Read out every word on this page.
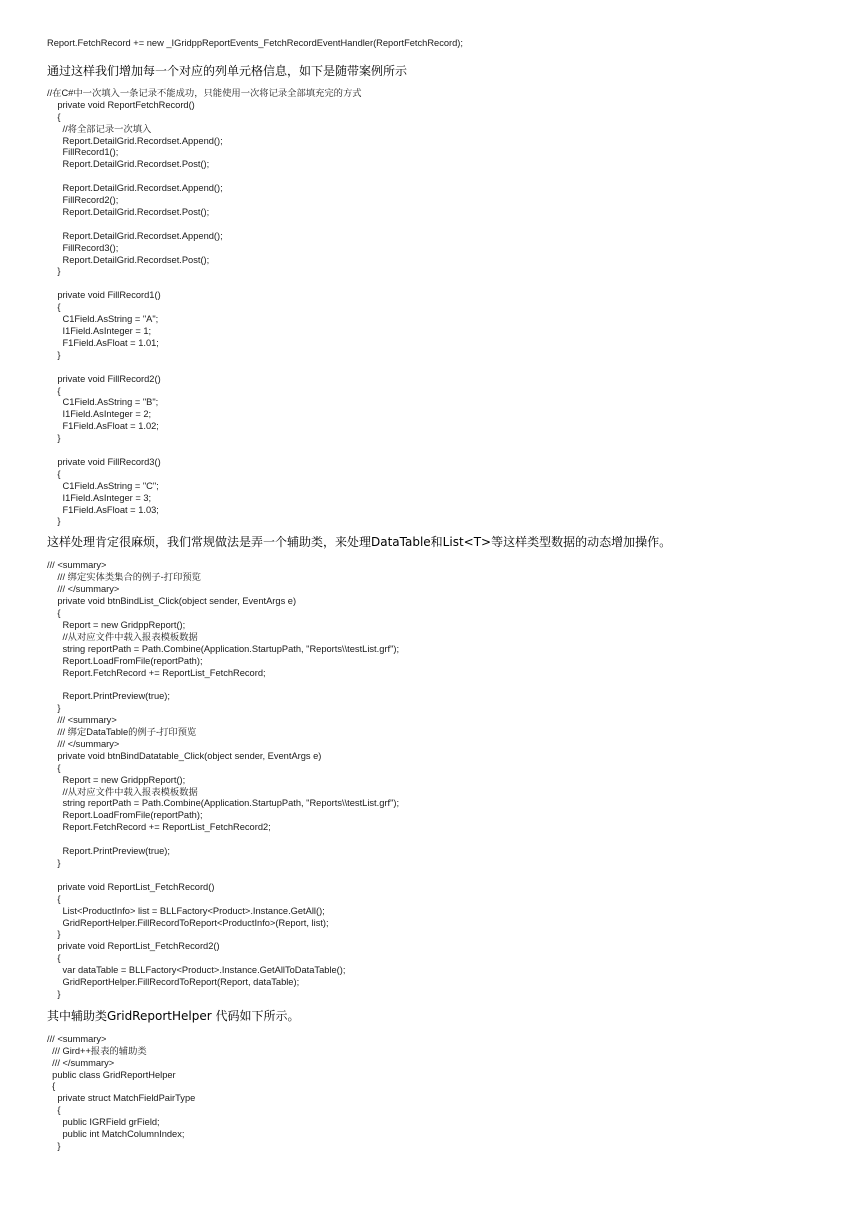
Report.FetchRecord += new _IGridppReportEvents_FetchRecordEventHandler(ReportFetchRecord);

通过这样我们增加每一个对应的列单元格信息，如下是随带案例所示

//在C#中一次填入一条记录不能成功，只能使用一次将记录全部填充完的方式
private void ReportFetchRecord()
{
//将全部记录一次填入
Report.DetailGrid.Recordset.Append();
FillRecord1();
Report.DetailGrid.Recordset.Post();
Report.DetailGrid.Recordset.Append();
FillRecord2();
Report.DetailGrid.Recordset.Post();
Report.DetailGrid.Recordset.Append();
FillRecord3();
Report.DetailGrid.Recordset.Post();
}
private void FillRecord1()
{
C1Field.AsString = "A";
I1Field.AsInteger = 1;
F1Field.AsFloat = 1.01;
}
private void FillRecord2()
{
C1Field.AsString = "B";
I1Field.AsInteger = 2;
F1Field.AsFloat = 1.02;
}
private void FillRecord3()
{
C1Field.AsString = "C";
I1Field.AsInteger = 3;
F1Field.AsFloat = 1.03;
}

这样处理肯定很麻烦，我们常规做法是弄一个辅助类，来处理DataTable和List<T>等这样类型数据的动态增加操作。

/// <summary>
/// 绑定实体类集合的例子-打印预览
/// </summary>
private void btnBindList_Click(object sender, EventArgs e)
{
Report = new GridppReport();
//从对应文件中载入报表模板数据
string reportPath = Path.Combine(Application.StartupPath, "Reports\\testList.grf");
Report.LoadFromFile(reportPath);
Report.FetchRecord += ReportList_FetchRecord;
Report.PrintPreview(true);
}
/// <summary>
/// 绑定DataTable的例子-打印预览
/// </summary>
private void btnBindDatatable_Click(object sender, EventArgs e)
{
Report = new GridppReport();
//从对应文件中载入报表模板数据
string reportPath = Path.Combine(Application.StartupPath, "Reports\\testList.grf");
Report.LoadFromFile(reportPath);
Report.FetchRecord += ReportList_FetchRecord2;
Report.PrintPreview(true);
}
private void ReportList_FetchRecord()
{
List<ProductInfo> list = BLLFactory<Product>.Instance.GetAll();
GridReportHelper.FillRecordToReport<ProductInfo>(Report, list);
}
private void ReportList_FetchRecord2()
{
var dataTable = BLLFactory<Product>.Instance.GetAllToDataTable();
GridReportHelper.FillRecordToReport(Report, dataTable);
}

其中辅助类GridReportHelper 代码如下所示。

/// <summary>
/// Gird++报表的辅助类
/// </summary>
public class GridReportHelper
{
private struct MatchFieldPairType
{
public IGRField grField;
public int MatchColumnIndex;
}
